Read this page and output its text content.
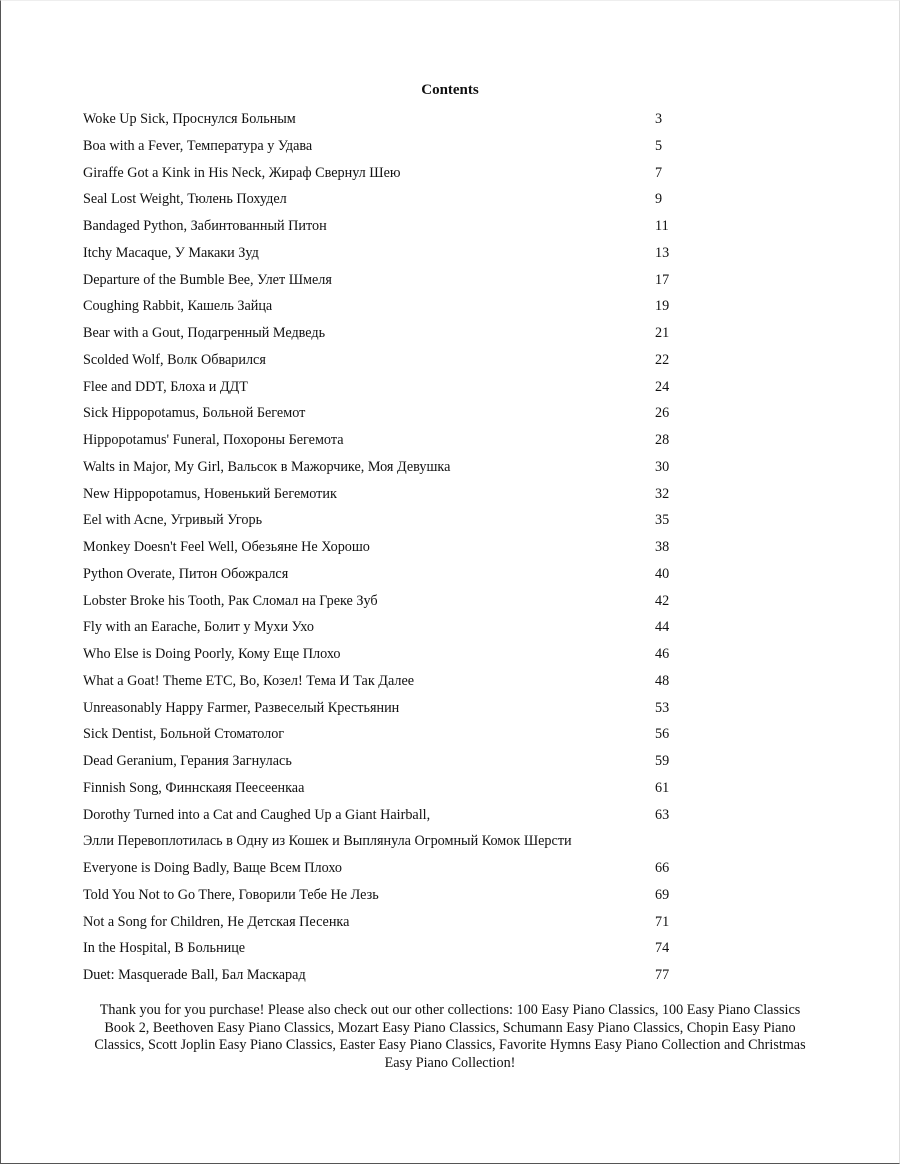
Contents
Woke Up Sick, Проснулся Больным	3
Boa with a Fever, Температура у Удава	5
Giraffe Got a Kink in His Neck, Жираф Свернул Шею	7
Seal Lost Weight, Тюлень Похудел	9
Bandaged Python, Забинтованный Питон	11
Itchy Macaque, У Макаки Зуд	13
Departure of the Bumble Bee, Улет Шмеля	17
Coughing Rabbit, Кашель Зайца	19
Bear with a Gout, Подагренный Медведь	21
Scolded Wolf, Волк Обварился	22
Flee and DDT, Блоха и ДДТ	24
Sick Hippopotamus, Больной Бегемот	26
Hippopotamus' Funeral, Похороны Бегемота	28
Walts in Major, My Girl, Вальсок в Мажорчике, Моя Девушка	30
New Hippopotamus, Новенький Бегемотик	32
Eel with Acne, Угривый Угорь	35
Monkey Doesn't Feel Well, Обезьяне Не Хорошо	38
Python Overate, Питон Обожрался	40
Lobster Broke his Tooth, Рак Сломал на Греке Зуб	42
Fly with an Earache, Болит у Мухи Ухо	44
Who Else is Doing Poorly, Кому Еще Плохо	46
What a Goat! Theme ETC, Во, Козел! Тема И Так Далее	48
Unreasonably Happy Farmer, Развеселый Крестьянин	53
Sick Dentist, Больной Стоматолог	56
Dead Geranium, Герания Загнулась	59
Finnish Song, Финнскаяя Пеесеенкаа	61
Dorothy Turned into a Cat and Caughed Up a Giant Hairball,	63
Элли Перевоплотилась в Одну из Кошек и Выплянула Огромный Комок Шерсти
Everyone is Doing Badly, Ваще Всем Плохо	66
Told You Not to Go There, Говорили Тебе Не Лезь	69
Not a Song for Children, Не Детская Песенка	71
In the Hospital, В Больнице	74
Duet: Masquerade Ball, Бал Маскарад	77
Thank you for you purchase! Please also check out our other collections: 100 Easy Piano Classics, 100 Easy Piano Classics Book 2, Beethoven Easy Piano Classics, Mozart Easy Piano Classics, Schumann Easy Piano Classics, Chopin Easy Piano Classics, Scott Joplin Easy Piano Classics, Easter Easy Piano Classics, Favorite Hymns Easy Piano Collection and Christmas Easy Piano Collection!
